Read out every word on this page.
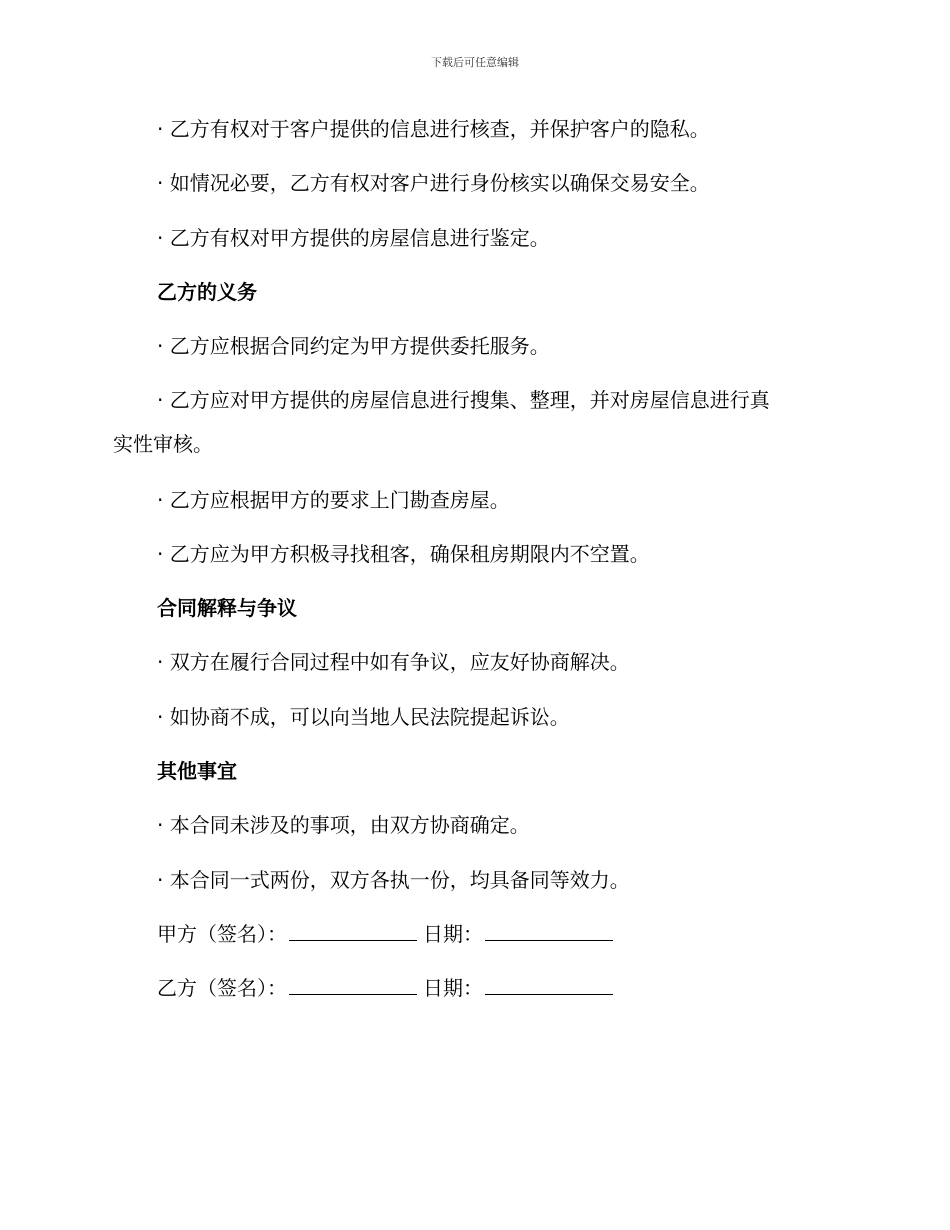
下载后可任意编辑
· 乙方有权对于客户提供的信息进行核查，并保护客户的隐私。
· 如情况必要，乙方有权对客户进行身份核实以确保交易安全。
· 乙方有权对甲方提供的房屋信息进行鉴定。
乙方的义务
· 乙方应根据合同约定为甲方提供委托服务。
· 乙方应对甲方提供的房屋信息进行搜集、整理，并对房屋信息进行真
实性审核。
· 乙方应根据甲方的要求上门勘查房屋。
· 乙方应为甲方积极寻找租客，确保租房期限内不空置。
合同解释与争议
· 双方在履行合同过程中如有争议，应友好协商解决。
· 如协商不成，可以向当地人民法院提起诉讼。
其他事宜
· 本合同未涉及的事项，由双方协商确定。
· 本合同一式两份，双方各执一份，均具备同等效力。
甲方（签名）：	日期：
乙方（签名）：	日期：
